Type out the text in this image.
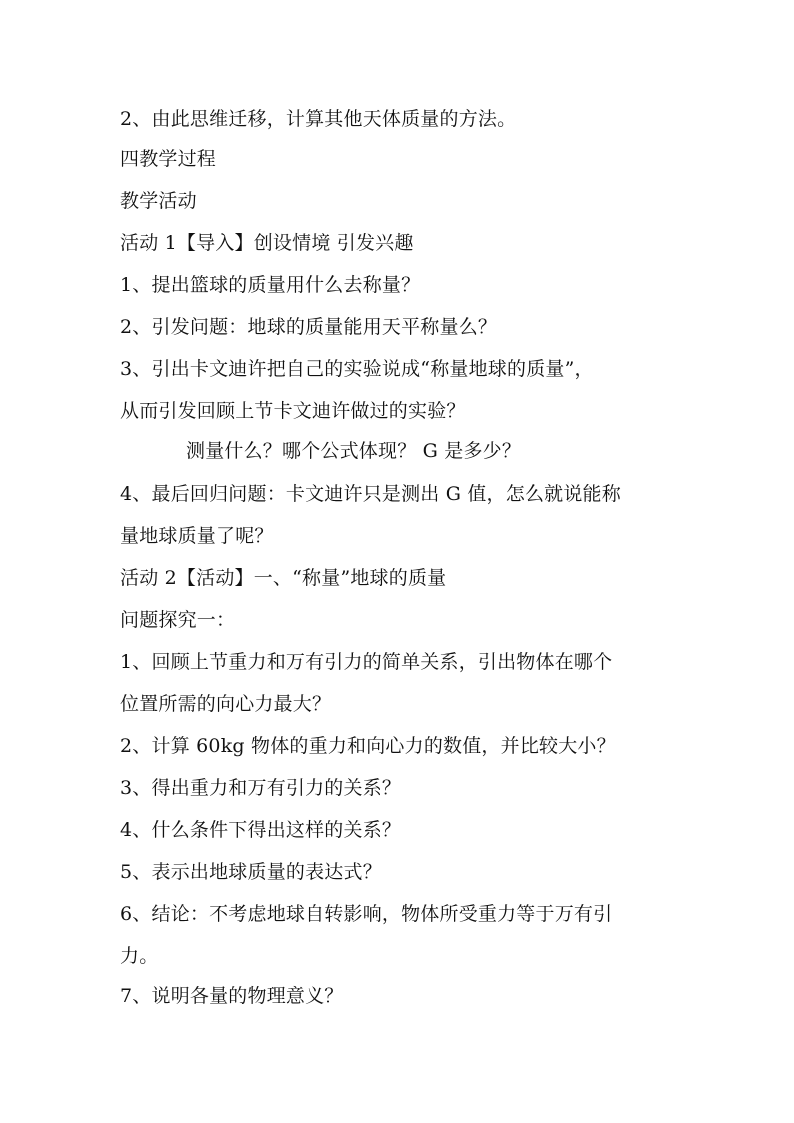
2、由此思维迁移，计算其他天体质量的方法。
四教学过程
教学活动
活动 1【导入】创设情境 引发兴趣
1、提出篮球的质量用什么去称量？
2、引发问题：地球的质量能用天平称量么？
3、引出卡文迪许把自己的实验说成“称量地球的质量”，
从而引发回顾上节卡文迪许做过的实验？
测量什么？哪个公式体现？ G 是多少？
4、最后回归问题：卡文迪许只是测出 G 值，怎么就说能称
量地球质量了呢？
活动 2【活动】一、“称量”地球的质量
问题探究一：
1、回顾上节重力和万有引力的简单关系，引出物体在哪个
位置所需的向心力最大？
2、计算 60kg 物体的重力和向心力的数值，并比较大小？
3、得出重力和万有引力的关系？
4、什么条件下得出这样的关系？
5、表示出地球质量的表达式？
6、结论：不考虑地球自转影响，物体所受重力等于万有引
力。
7、说明各量的物理意义？
